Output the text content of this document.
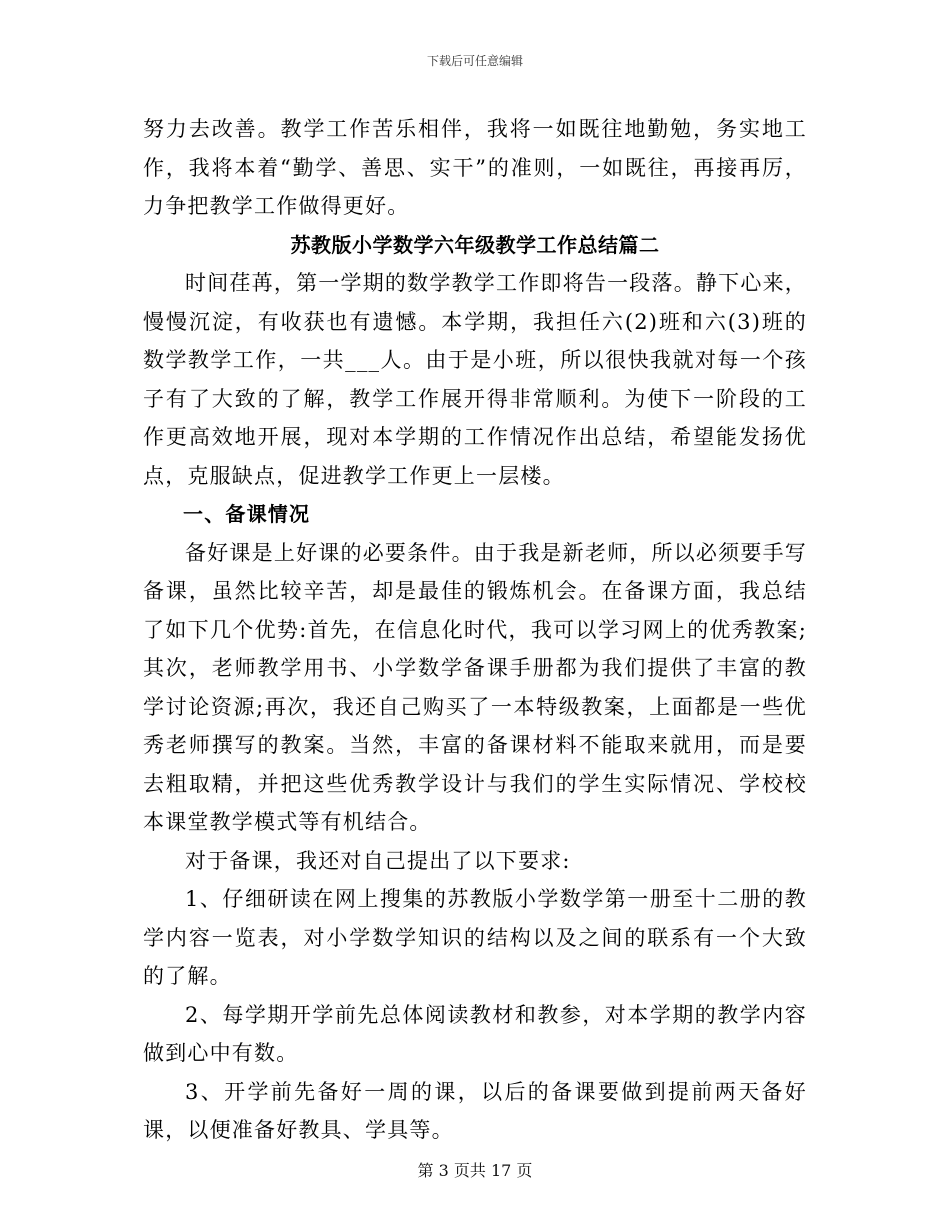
下载后可任意编辑

努力去改善。教学工作苦乐相伴，我将一如既往地勤勉，务实地工作，我将本着“勤学、善思、实干”的准则，一如既往，再接再厉，力争把教学工作做得更好。

苏教版小学数学六年级教学工作总结篇二

时间荏苒，第一学期的数学教学工作即将告一段落。静下心来，慢慢沉淀，有收获也有遗憾。本学期，我担任六(2)班和六(3)班的数学教学工作，一共___人。由于是小班，所以很快我就对每一个孩子有了大致的了解，教学工作展开得非常顺利。为使下一阶段的工作更高效地开展，现对本学期的工作情况作出总结，希望能发扬优点，克服缺点，促进教学工作更上一层楼。

一、备课情况

备好课是上好课的必要条件。由于我是新老师，所以必须要手写备课，虽然比较辛苦，却是最佳的锻炼机会。在备课方面，我总结了如下几个优势:首先，在信息化时代，我可以学习网上的优秀教案;其次，老师教学用书、小学数学备课手册都为我们提供了丰富的教学讨论资源;再次，我还自己购买了一本特级教案，上面都是一些优秀老师撰写的教案。当然，丰富的备课材料不能取来就用，而是要去粗取精，并把这些优秀教学设计与我们的学生实际情况、学校校本课堂教学模式等有机结合。

对于备课，我还对自己提出了以下要求:

1、仔细研读在网上搜集的苏教版小学数学第一册至十二册的教学内容一览表，对小学数学知识的结构以及之间的联系有一个大致的了解。

2、每学期开学前先总体阅读教材和教参，对本学期的教学内容做到心中有数。

3、开学前先备好一周的课，以后的备课要做到提前两天备好课，以便准备好教具、学具等。

第 3 页共 17 页
